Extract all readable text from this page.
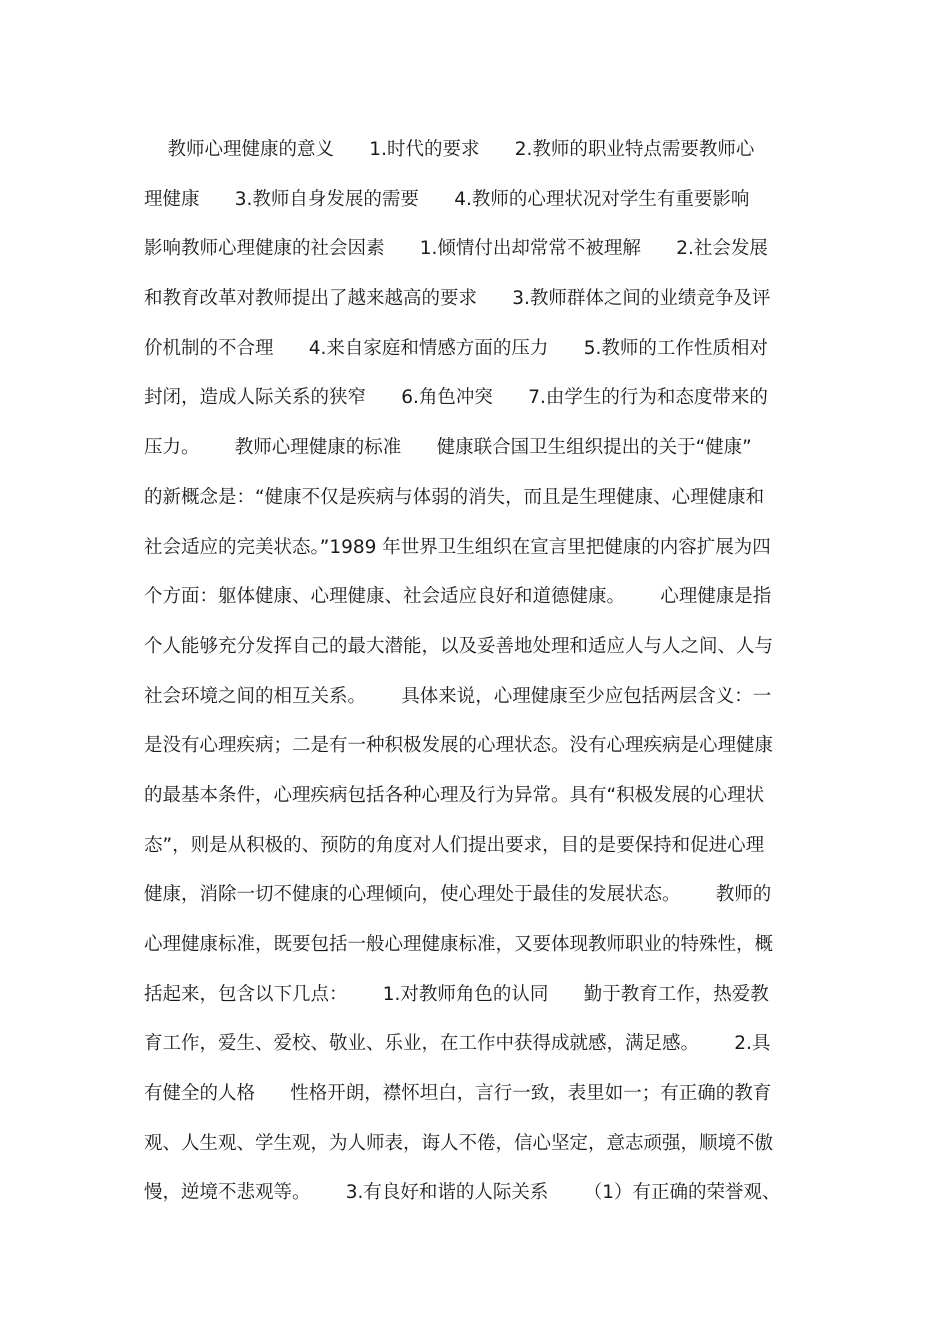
教师心理健康的意义      1.时代的要求      2.教师的职业特点需要教师心
理健康      3.教师自身发展的需要      4.教师的心理状况对学生有重要影响
影响教师心理健康的社会因素      1.倾情付出却常常不被理解      2.社会发展
和教育改革对教师提出了越来越高的要求      3.教师群体之间的业绩竞争及评
价机制的不合理      4.来自家庭和情感方面的压力      5.教师的工作性质相对
封闭，造成人际关系的狭窄      6.角色冲突      7.由学生的行为和态度带来的
压力。      教师心理健康的标准      健康联合国卫生组织提出的关于“健康”
的新概念是：“健康不仅是疾病与体弱的消失，而且是生理健康、心理健康和
社会适应的完美状态。”1989 年世界卫生组织在宣言里把健康的内容扩展为四
个方面：躯体健康、心理健康、社会适应良好和道德健康。      心理健康是指
个人能够充分发挥自己的最大潜能，以及妥善地处理和适应人与人之间、人与
社会环境之间的相互关系。      具体来说，心理健康至少应包括两层含义：一
是没有心理疾病；二是有一种积极发展的心理状态。没有心理疾病是心理健康
的最基本条件，心理疾病包括各种心理及行为异常。具有“积极发展的心理状
态”，则是从积极的、预防的角度对人们提出要求，目的是要保持和促进心理
健康，消除一切不健康的心理倾向，使心理处于最佳的发展状态。      教师的
心理健康标准，既要包括一般心理健康标准，又要体现教师职业的特殊性，概
括起来，包含以下几点：      1.对教师角色的认同      勤于教育工作，热爱教
育工作，爱生、爱校、敬业、乐业，在工作中获得成就感，满足感。      2.具
有健全的人格      性格开朗，襟怀坦白，言行一致，表里如一；有正确的教育
观、人生观、学生观，为人师表，诲人不倦，信心坚定，意志顽强，顺境不傲
慢，逆境不悲观等。      3.有良好和谐的人际关系      （1）有正确的荣誉观、
